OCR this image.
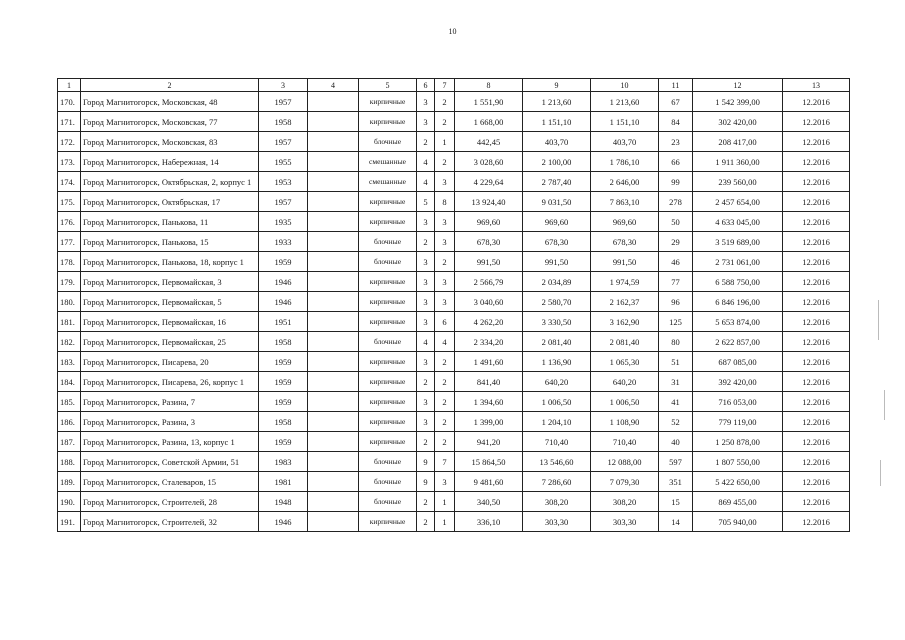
10
1	2	3	4	5	6	7	8	9	10	11	12	13
170.	Город Магнитогорск, Московская, 48	1957		кирпичные	3	2	1 551,90	1 213,60	1 213,60	67	1 542 399,00	12.2016
171.	Город Магнитогорск, Московская, 77	1958		кирпичные	3	2	1 668,00	1 151,10	1 151,10	84	302 420,00	12.2016
172.	Город Магнитогорск, Московская, 83	1957		блочные	2	1	442,45	403,70	403,70	23	208 417,00	12.2016
173.	Город Магнитогорск, Набережная, 14	1955		смешанные	4	2	3 028,60	2 100,00	1 786,10	66	1 911 360,00	12.2016
174.	Город Магнитогорск, Октябрьская, 2, корпус 1	1953		смешанные	4	3	4 229,64	2 787,40	2 646,00	99	239 560,00	12.2016
175.	Город Магнитогорск, Октябрьская, 17	1957		кирпичные	5	8	13 924,40	9 031,50	7 863,10	278	2 457 654,00	12.2016
176.	Город Магнитогорск, Панькова, 11	1935		кирпичные	3	3	969,60	969,60	969,60	50	4 633 045,00	12.2016
177.	Город Магнитогорск, Панькова, 15	1933		блочные	2	3	678,30	678,30	678,30	29	3 519 689,00	12.2016
178.	Город Магнитогорск, Панькова, 18, корпус 1	1959		блочные	3	2	991,50	991,50	991,50	46	2 731 061,00	12.2016
179.	Город Магнитогорск, Первомайская, 3	1946		кирпичные	3	3	2 566,79	2 034,89	1 974,59	77	6 588 750,00	12.2016
180.	Город Магнитогорск, Первомайская, 5	1946		кирпичные	3	3	3 040,60	2 580,70	2 162,37	96	6 846 196,00	12.2016
181.	Город Магнитогорск, Первомайская, 16	1951		кирпичные	3	6	4 262,20	3 330,50	3 162,90	125	5 653 874,00	12.2016
182.	Город Магнитогорск, Первомайская, 25	1958		блочные	4	4	2 334,20	2 081,40	2 081,40	80	2 622 857,00	12.2016
183.	Город Магнитогорск, Писарева, 20	1959		кирпичные	3	2	1 491,60	1 136,90	1 065,30	51	687 085,00	12.2016
184.	Город Магнитогорск, Писарева, 26, корпус 1	1959		кирпичные	2	2	841,40	640,20	640,20	31	392 420,00	12.2016
185.	Город Магнитогорск, Разина, 7	1959		кирпичные	3	2	1 394,60	1 006,50	1 006,50	41	716 053,00	12.2016
186.	Город Магнитогорск, Разина, 3	1958		кирпичные	3	2	1 399,00	1 204,10	1 108,90	52	779 119,00	12.2016
187.	Город Магнитогорск, Разина, 13, корпус 1	1959		кирпичные	2	2	941,20	710,40	710,40	40	1 250 878,00	12.2016
188.	Город Магнитогорск, Советской Армии, 51	1983		блочные	9	7	15 864,50	13 546,60	12 088,00	597	1 807 550,00	12.2016
189.	Город Магнитогорск, Сталеваров, 15	1981		блочные	9	3	9 481,60	7 286,60	7 079,30	351	5 422 650,00	12.2016
190.	Город Магнитогорск, Строителей, 28	1948		блочные	2	1	340,50	308,20	308,20	15	869 455,00	12.2016
191.	Город Магнитогорск, Строителей, 32	1946		кирпичные	2	1	336,10	303,30	303,30	14	705 940,00	12.2016
